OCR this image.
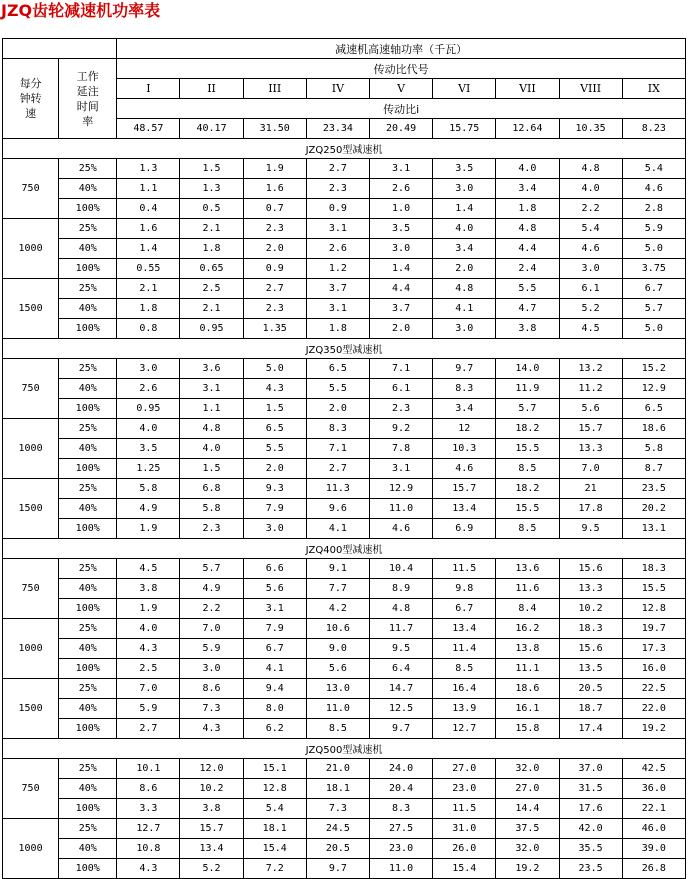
JZQ齿轮减速机功率表
		减速机高速轴功率（千瓦）								
每分钟转速	工作延注时间率	传动比代号								
		I	II	III	IV	V	VI	VII	VIII	IX
		传动比i								
		48.57	40.17	31.50	23.34	20.49	15.75	12.64	10.35	8.23
JZQ250型减速机										
750	25%	1.3	1.5	1.9	2.7	3.1	3.5	4.0	4.8	5.4
	40%	1.1	1.3	1.6	2.3	2.6	3.0	3.4	4.0	4.6
	100%	0.4	0.5	0.7	0.9	1.0	1.4	1.8	2.2	2.8
1000	25%	1.6	2.1	2.3	3.1	3.5	4.0	4.8	5.4	5.9
	40%	1.4	1.8	2.0	2.6	3.0	3.4	4.4	4.6	5.0
	100%	0.55	0.65	0.9	1.2	1.4	2.0	2.4	3.0	3.75
1500	25%	2.1	2.5	2.7	3.7	4.4	4.8	5.5	6.1	6.7
	40%	1.8	2.1	2.3	3.1	3.7	4.1	4.7	5.2	5.7
	100%	0.8	0.95	1.35	1.8	2.0	3.0	3.8	4.5	5.0
JZQ350型减速机										
750	25%	3.0	3.6	5.0	6.5	7.1	9.7	14.0	13.2	15.2
	40%	2.6	3.1	4.3	5.5	6.1	8.3	11.9	11.2	12.9
	100%	0.95	1.1	1.5	2.0	2.3	3.4	5.7	5.6	6.5
1000	25%	4.0	4.8	6.5	8.3	9.2	12	18.2	15.7	18.6
	40%	3.5	4.0	5.5	7.1	7.8	10.3	15.5	13.3	5.8
	100%	1.25	1.5	2.0	2.7	3.1	4.6	8.5	7.0	8.7
1500	25%	5.8	6.8	9.3	11.3	12.9	15.7	18.2	21	23.5
	40%	4.9	5.8	7.9	9.6	11.0	13.4	15.5	17.8	20.2
	100%	1.9	2.3	3.0	4.1	4.6	6.9	8.5	9.5	13.1
JZQ400型减速机										
750	25%	4.5	5.7	6.6	9.1	10.4	11.5	13.6	15.6	18.3
	40%	3.8	4.9	5.6	7.7	8.9	9.8	11.6	13.3	15.5
	100%	1.9	2.2	3.1	4.2	4.8	6.7	8.4	10.2	12.8
1000	25%	4.0	7.0	7.9	10.6	11.7	13.4	16.2	18.3	19.7
	40%	4.3	5.9	6.7	9.0	9.5	11.4	13.8	15.6	17.3
	100%	2.5	3.0	4.1	5.6	6.4	8.5	11.1	13.5	16.0
1500	25%	7.0	8.6	9.4	13.0	14.7	16.4	18.6	20.5	22.5
	40%	5.9	7.3	8.0	11.0	12.5	13.9	16.1	18.7	22.0
	100%	2.7	4.3	6.2	8.5	9.7	12.7	15.8	17.4	19.2
JZQ500型减速机										
750	25%	10.1	12.0	15.1	21.0	24.0	27.0	32.0	37.0	42.5
	40%	8.6	10.2	12.8	18.1	20.4	23.0	27.0	31.5	36.0
	100%	3.3	3.8	5.4	7.3	8.3	11.5	14.4	17.6	22.1
1000	25%	12.7	15.7	18.1	24.5	27.5	31.0	37.5	42.0	46.0
	40%	10.8	13.4	15.4	20.5	23.0	26.0	32.0	35.5	39.0
	100%	4.3	5.2	7.2	9.7	11.0	15.4	19.2	23.5	26.8
